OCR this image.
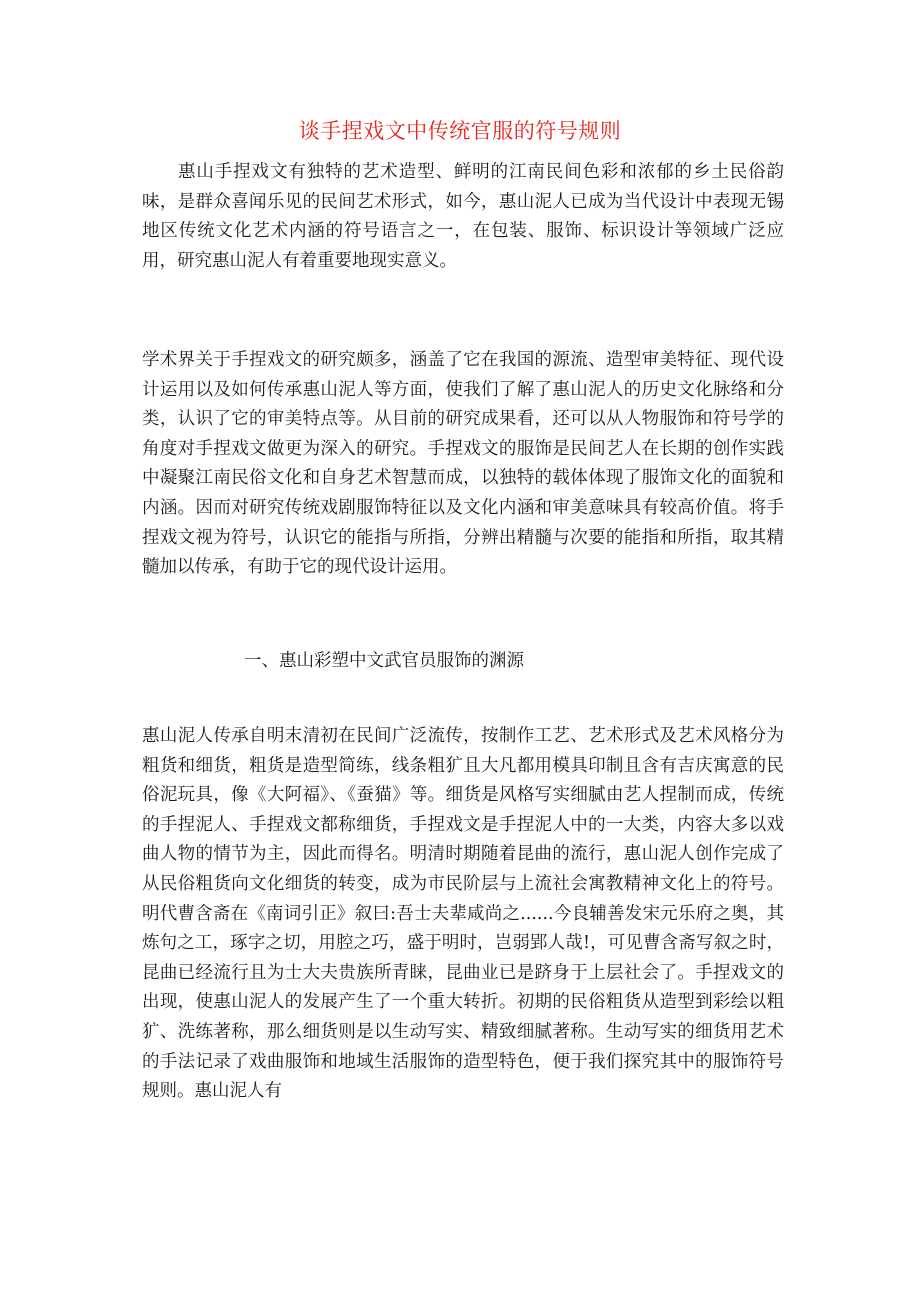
谈手捏戏文中传统官服的符号规则

惠山手捏戏文有独特的艺术造型、鲜明的江南民间色彩和浓郁的乡土民俗韵味，是群众喜闻乐见的民间艺术形式，如今，惠山泥人已成为当代设计中表现无锡地区传统文化艺术内涵的符号语言之一，在包装、服饰、标识设计等领域广泛应用，研究惠山泥人有着重要地现实意义。

学术界关于手捏戏文的研究颇多，涵盖了它在我国的源流、造型审美特征、现代设计运用以及如何传承惠山泥人等方面，使我们了解了惠山泥人的历史文化脉络和分类，认识了它的审美特点等。从目前的研究成果看，还可以从人物服饰和符号学的角度对手捏戏文做更为深入的研究。手捏戏文的服饰是民间艺人在长期的创作实践中凝聚江南民俗文化和自身艺术智慧而成，以独特的载体体现了服饰文化的面貌和内涵。因而对研究传统戏剧服饰特征以及文化内涵和审美意味具有较高价值。将手捏戏文视为符号，认识它的能指与所指，分辨出精髓与次要的能指和所指，取其精髓加以传承，有助于它的现代设计运用。

一、惠山彩塑中文武官员服饰的渊源

惠山泥人传承自明末清初在民间广泛流传，按制作工艺、艺术形式及艺术风格分为粗货和细货，粗货是造型简练，线条粗犷且大凡都用模具印制且含有吉庆寓意的民俗泥玩具，像《大阿福》、《蚕猫》等。细货是风格写实细腻由艺人捏制而成，传统的手捏泥人、手捏戏文都称细货，手捏戏文是手捏泥人中的一大类，内容大多以戏曲人物的情节为主，因此而得名。明清时期随着昆曲的流行，惠山泥人创作完成了从民俗粗货向文化细货的转变，成为市民阶层与上流社会寓教精神文化上的符号。明代曹含斋在《南词引正》叙曰:吾士夫辈咸尚之......今良辅善发宋元乐府之奥，其炼句之工，琢字之切，用腔之巧，盛于明时，岂弱郢人哉!，可见曹含斋写叙之时，昆曲已经流行且为士大夫贵族所青睐，昆曲业已是跻身于上层社会了。手捏戏文的出现，使惠山泥人的发展产生了一个重大转折。初期的民俗粗货从造型到彩绘以粗犷、洗练著称，那么细货则是以生动写实、精致细腻著称。生动写实的细货用艺术的手法记录了戏曲服饰和地域生活服饰的造型特色，便于我们探究其中的服饰符号规则。惠山泥人有
